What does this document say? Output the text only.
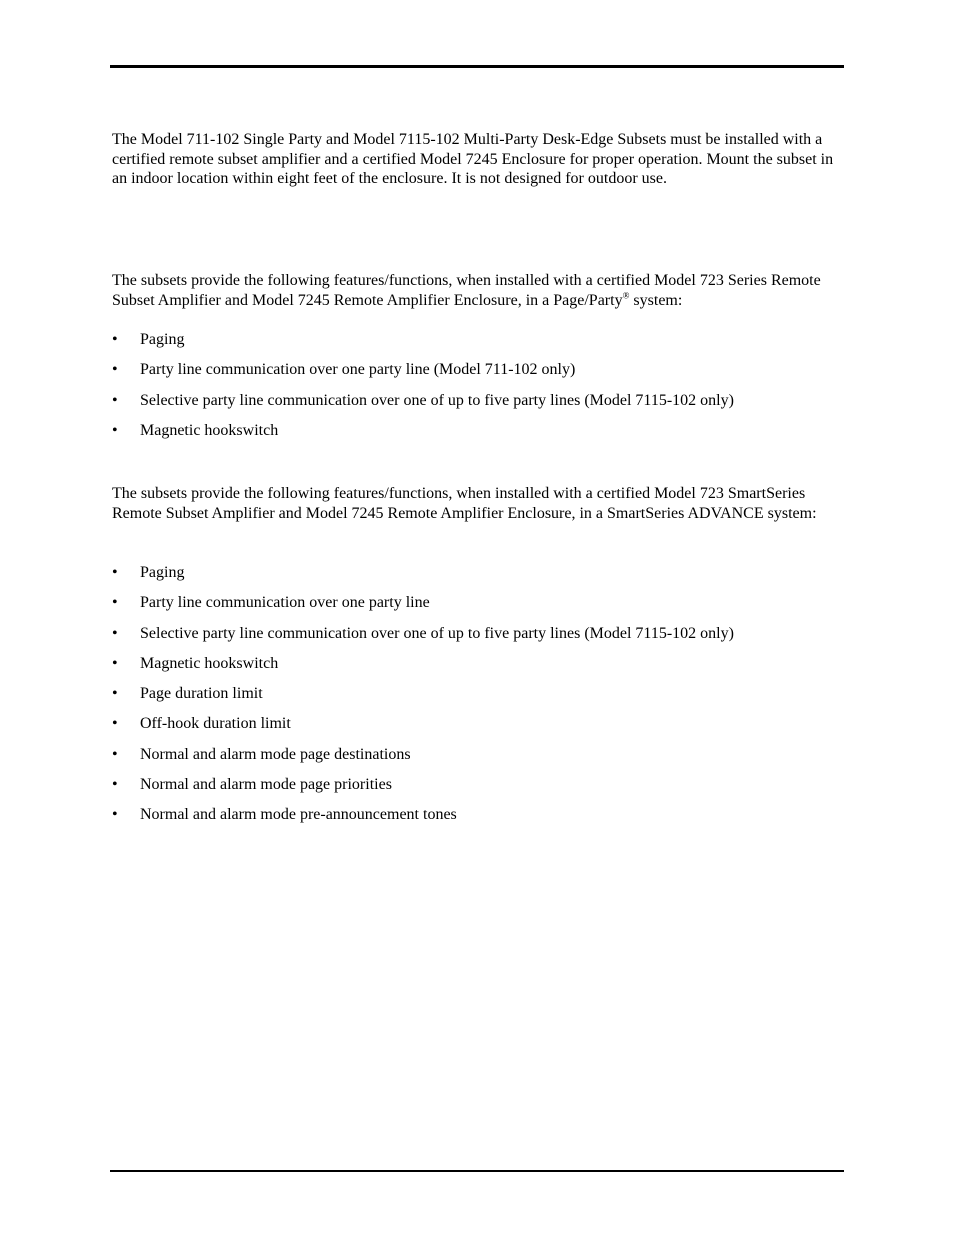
The Model 711-102 Single Party and Model 7115-102 Multi-Party Desk-Edge Subsets must be installed with a certified remote subset amplifier and a certified Model 7245 Enclosure for proper operation. Mount the subset in an indoor location within eight feet of the enclosure. It is not designed for outdoor use.

The subsets provide the following features/functions, when installed with a certified Model 723 Series Remote Subset Amplifier and Model 7245 Remote Amplifier Enclosure, in a Page/Party® system:

•	Paging
•	Party line communication over one party line (Model 711-102 only)
•	Selective party line communication over one of up to five party lines (Model 7115-102 only)
•	Magnetic hookswitch

The subsets provide the following features/functions, when installed with a certified Model 723 SmartSeries Remote Subset Amplifier and Model 7245 Remote Amplifier Enclosure, in a SmartSeries ADVANCE system:

•	Paging
•	Party line communication over one party line
•	Selective party line communication over one of up to five party lines (Model 7115-102 only)
•	Magnetic hookswitch
•	Page duration limit
•	Off-hook duration limit
•	Normal and alarm mode page destinations
•	Normal and alarm mode page priorities
•	Normal and alarm mode pre-announcement tones
